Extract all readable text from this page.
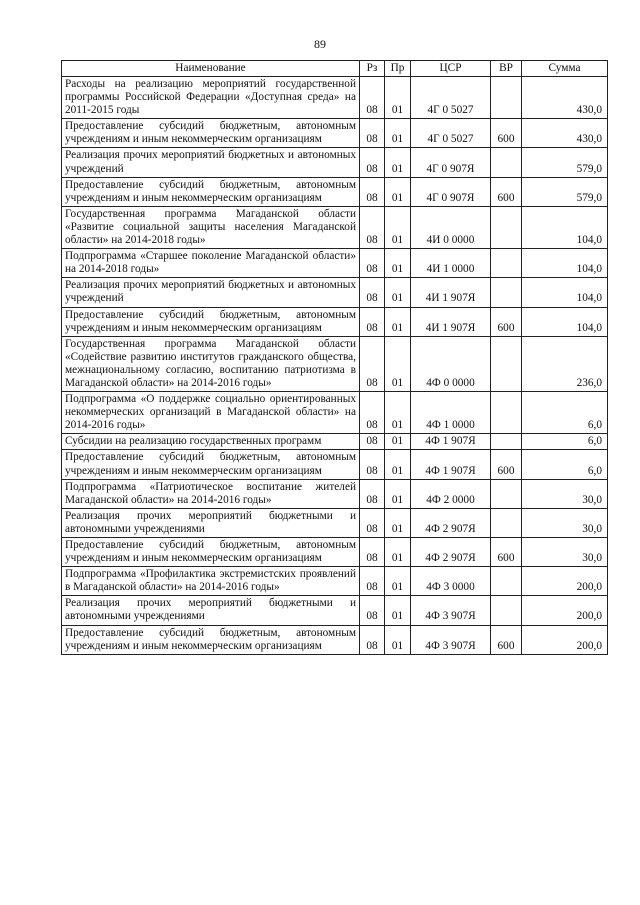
89
Наименование	Рз	Пр	ЦСР	ВР	Сумма
Расходы на реализацию мероприятий государственной программы Российской Федерации «Доступная среда» на 2011-2015 годы	08	01	4Г 0 5027		430,0
Предоставление субсидий бюджетным, автономным учреждениям и иным некоммерческим организациям	08	01	4Г 0 5027	600	430,0
Реализация прочих мероприятий бюджетных и автономных учреждений	08	01	4Г 0 907Я		579,0
Предоставление субсидий бюджетным, автономным учреждениям и иным некоммерческим организациям	08	01	4Г 0 907Я	600	579,0
Государственная программа Магаданской области «Развитие социальной защиты населения Магаданской области» на 2014-2018 годы»	08	01	4И 0 0000		104,0
Подпрограмма «Старшее поколение Магаданской области» на 2014-2018 годы»	08	01	4И 1 0000		104,0
Реализация прочих мероприятий бюджетных и автономных учреждений	08	01	4И 1 907Я		104,0
Предоставление субсидий бюджетным, автономным учреждениям и иным некоммерческим организациям	08	01	4И 1 907Я	600	104,0
Государственная программа Магаданской области «Содействие развитию институтов гражданского общества, межнациональному согласию, воспитанию патриотизма в Магаданской области» на 2014-2016 годы»	08	01	4Ф 0 0000		236,0
Подпрограмма «О поддержке социально ориентированных некоммерческих организаций в Магаданской области» на 2014-2016 годы»	08	01	4Ф 1 0000		6,0
Субсидии на реализацию государственных программ	08	01	4Ф 1 907Я		6,0
Предоставление субсидий бюджетным, автономным учреждениям и иным некоммерческим организациям	08	01	4Ф 1 907Я	600	6,0
Подпрограмма «Патриотическое воспитание жителей Магаданской области» на 2014-2016 годы»	08	01	4Ф 2 0000		30,0
Реализация прочих мероприятий бюджетными и автономными учреждениями	08	01	4Ф 2 907Я		30,0
Предоставление субсидий бюджетным, автономным учреждениям и иным некоммерческим организациям	08	01	4Ф 2 907Я	600	30,0
Подпрограмма «Профилактика экстремистских проявлений в Магаданской области» на 2014-2016 годы»	08	01	4Ф 3 0000		200,0
Реализация прочих мероприятий бюджетными и автономными учреждениями	08	01	4Ф 3 907Я		200,0
Предоставление субсидий бюджетным, автономным учреждениям и иным некоммерческим организациям	08	01	4Ф 3 907Я	600	200,0
